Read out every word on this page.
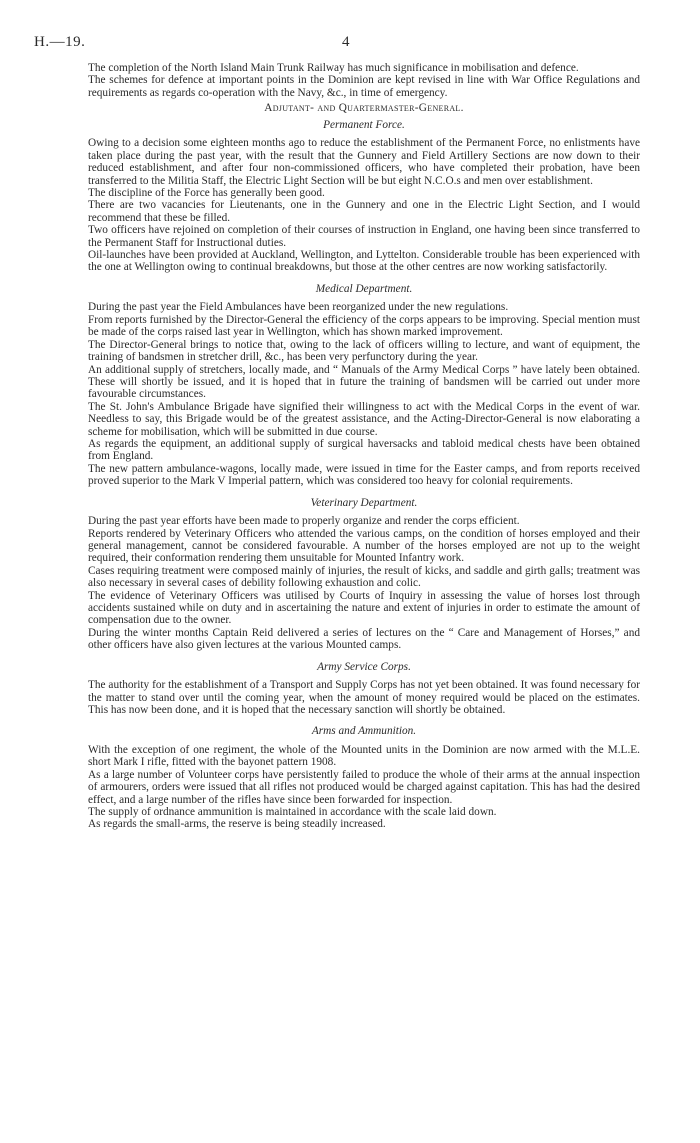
H.—19.	4

The completion of the North Island Main Trunk Railway has much significance in mobilisation and defence.

The schemes for defence at important points in the Dominion are kept revised in line with War Office Regulations and requirements as regards co-operation with the Navy, &c., in time of emergency.

Adjutant- and Quartermaster-General.
Permanent Force.

Owing to a decision some eighteen months ago to reduce the establishment of the Permanent Force, no enlistments have taken place during the past year, with the result that the Gunnery and Field Artillery Sections are now down to their reduced establishment, and after four non-commissioned officers, who have completed their probation, have been transferred to the Militia Staff, the Electric Light Section will be but eight N.C.O.s and men over establishment.

The discipline of the Force has generally been good.

There are two vacancies for Lieutenants, one in the Gunnery and one in the Electric Light Section, and I would recommend that these be filled.

Two officers have rejoined on completion of their courses of instruction in England, one having been since transferred to the Permanent Staff for Instructional duties.

Oil-launches have been provided at Auckland, Wellington, and Lyttelton. Considerable trouble has been experienced with the one at Wellington owing to continual breakdowns, but those at the other centres are now working satisfactorily.

Medical Department.

During the past year the Field Ambulances have been reorganized under the new regulations.

From reports furnished by the Director-General the efficiency of the corps appears to be improving. Special mention must be made of the corps raised last year in Wellington, which has shown marked improvement.

The Director-General brings to notice that, owing to the lack of officers willing to lecture, and want of equipment, the training of bandsmen in stretcher drill, &c., has been very perfunctory during the year.

An additional supply of stretchers, locally made, and “ Manuals of the Army Medical Corps ” have lately been obtained. These will shortly be issued, and it is hoped that in future the training of bandsmen will be carried out under more favourable circumstances.

The St. John's Ambulance Brigade have signified their willingness to act with the Medical Corps in the event of war. Needless to say, this Brigade would be of the greatest assistance, and the Acting-Director-General is now elaborating a scheme for mobilisation, which will be submitted in due course.

As regards the equipment, an additional supply of surgical haversacks and tabloid medical chests have been obtained from England.

The new pattern ambulance-wagons, locally made, were issued in time for the Easter camps, and from reports received proved superior to the Mark V Imperial pattern, which was considered too heavy for colonial requirements.

Veterinary Department.

During the past year efforts have been made to properly organize and render the corps efficient.

Reports rendered by Veterinary Officers who attended the various camps, on the condition of horses employed and their general management, cannot be considered favourable. A number of the horses employed are not up to the weight required, their conformation rendering them unsuitable for Mounted Infantry work.

Cases requiring treatment were composed mainly of injuries, the result of kicks, and saddle and girth galls; treatment was also necessary in several cases of debility following exhaustion and colic.

The evidence of Veterinary Officers was utilised by Courts of Inquiry in assessing the value of horses lost through accidents sustained while on duty and in ascertaining the nature and extent of injuries in order to estimate the amount of compensation due to the owner.

During the winter months Captain Reid delivered a series of lectures on the “ Care and Management of Horses,” and other officers have also given lectures at the various Mounted camps.

Army Service Corps.

The authority for the establishment of a Transport and Supply Corps has not yet been obtained. It was found necessary for the matter to stand over until the coming year, when the amount of money required would be placed on the estimates. This has now been done, and it is hoped that the necessary sanction will shortly be obtained.

Arms and Ammunition.

With the exception of one regiment, the whole of the Mounted units in the Dominion are now armed with the M.L.E. short Mark I rifle, fitted with the bayonet pattern 1908.

As a large number of Volunteer corps have persistently failed to produce the whole of their arms at the annual inspection of armourers, orders were issued that all rifles not produced would be charged against capitation. This has had the desired effect, and a large number of the rifles have since been forwarded for inspection.

The supply of ordnance ammunition is maintained in accordance with the scale laid down.

As regards the small-arms, the reserve is being steadily increased.
